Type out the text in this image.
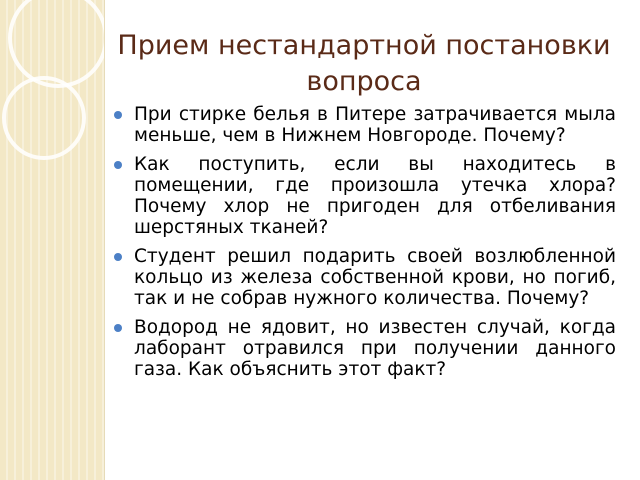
Прием нестандартной постановки вопроса
При стирке белья в Питере затрачивается мыла меньше, чем в Нижнем Новгороде. Почему?
Как поступить, если вы находитесь в помещении, где произошла утечка хлора? Почему хлор не пригоден для отбеливания шерстяных тканей?
Студент решил подарить своей возлюбленной кольцо из железа собственной крови, но погиб, так и не собрав нужного количества. Почему?
Водород не ядовит, но известен случай, когда лаборант отравился при получении данного газа. Как объяснить этот факт?
